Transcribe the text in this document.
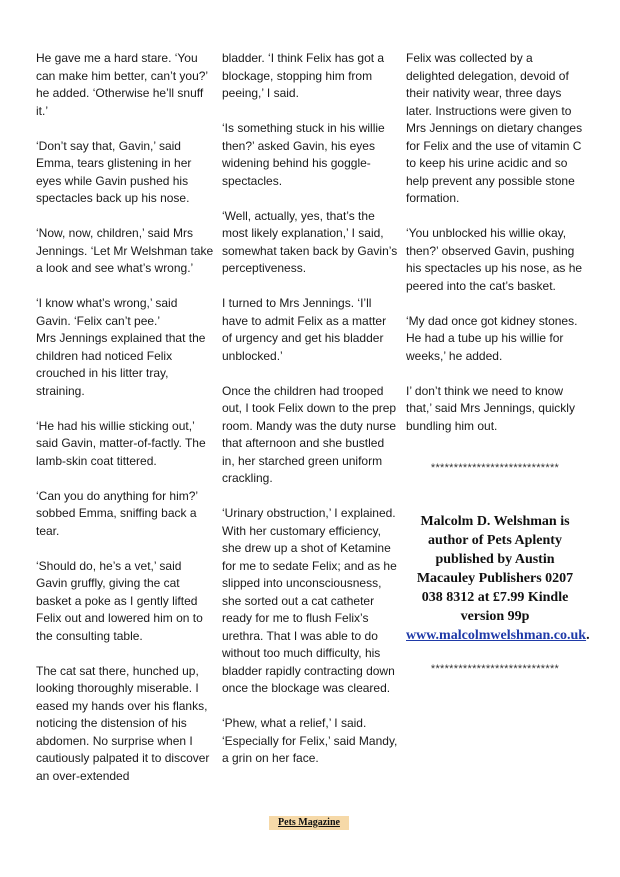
He gave me a hard stare. ‘You can make him better, can’t you?’ he added. ‘Otherwise he’ll snuff it.’

‘Don’t say that, Gavin,’ said Emma, tears glistening in her eyes while Gavin pushed his spectacles back up his nose.

‘Now, now, children,’ said Mrs Jennings. ‘Let Mr Welshman take a look and see what’s wrong.’

‘I know what’s wrong,’ said Gavin. ‘Felix can’t pee.’

Mrs Jennings explained that the children had noticed Felix crouched in his litter tray, straining.

‘He had his willie sticking out,’ said Gavin, matter-of-factly. The lamb-skin coat tittered.

‘Can you do anything for him?’ sobbed Emma, sniffing back a tear.

‘Should do, he’s a vet,’ said Gavin gruffly, giving the cat basket a poke as I gently lifted Felix out and lowered him on to the consulting table.

The cat sat there, hunched up, looking thoroughly miserable. I eased my hands over his flanks, noticing the distension of his abdomen. No surprise when I cautiously palpated it to discover an over-extended

bladder. ‘I think Felix has got a blockage, stopping him from peeing,’ I said.

‘Is something stuck in his willie then?’ asked Gavin, his eyes widening behind his goggle-spectacles.

‘Well, actually, yes, that’s the most likely explanation,’ I said, somewhat taken back by Gavin’s perceptiveness.

I turned to Mrs Jennings. ‘I’ll have to admit Felix as a matter of urgency and get his bladder unblocked.’

Once the children had trooped out, I took Felix down to the prep room. Mandy was the duty nurse that afternoon and she bustled in, her starched green uniform crackling.

‘Urinary obstruction,’ I explained. With her customary efficiency, she drew up a shot of Ketamine for me to sedate Felix; and as he slipped into unconsciousness, she sorted out a cat catheter ready for me to flush Felix’s urethra. That I was able to do without too much difficulty, his bladder rapidly contracting down once the blockage was cleared.

‘Phew, what a relief,’ I said. ‘Especially for Felix,’ said Mandy, a grin on her face.

Felix was collected by a delighted delegation, devoid of their nativity wear, three days later. Instructions were given to Mrs Jennings on dietary changes for Felix and the use of vitamin C to keep his urine acidic and so help prevent any possible stone formation.

‘You unblocked his willie okay, then?’ observed Gavin, pushing his spectacles up his nose, as he peered into the cat’s basket.

‘My dad once got kidney stones. He had a tube up his willie for weeks,’ he added.

I’ don’t think we need to know that,’ said Mrs Jennings, quickly bundling him out.

****************************

Malcolm D. Welshman is author of Pets Aplenty published by Austin Macauley Publishers 0207 038 8312 at £7.99 Kindle version 99p
www.malcolmwelshman.co.uk.

****************************

Pets Magazine
